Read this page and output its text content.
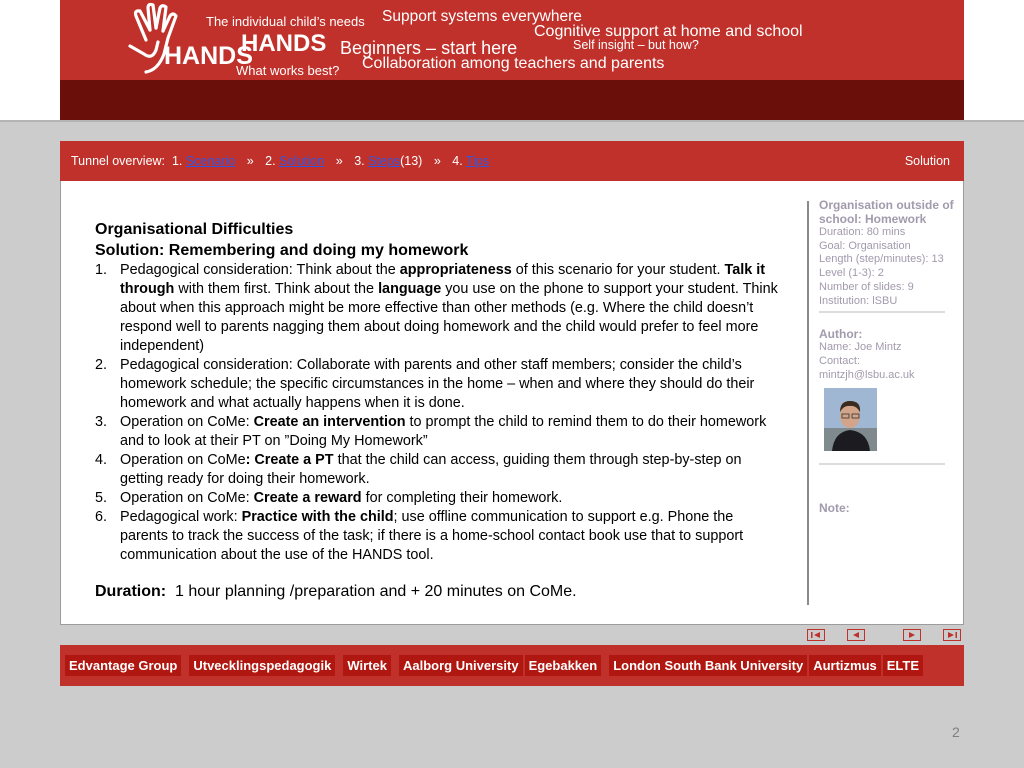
HANDS
The individual child’s needs Support systems everywhere
Cognitive support at home and school
HANDS Beginners – start here	Self insight – but how?
What works best? Collaboration among teachers and parents
Tunnel overview: 1. Scenario » 2. Solution » 3. Steps(13) » 4. Tips	Solution
Organisational Difficulties
Solution: Remembering and doing my homework
1. Pedagogical consideration: Think about the appropriateness of this scenario for your student. Talk it through with them first. Think about the language you use on the phone to support your student. Think about when this approach might be more effective than other methods (e.g. Where the child doesn’t respond well to parents nagging them about doing homework and the child would prefer to feel more independent)
2. Pedagogical consideration: Collaborate with parents and other staff members; consider the child’s homework schedule; the specific circumstances in the home – when and where they should do their homework and what actually happens when it is done.
3. Operation on CoMe: Create an intervention to prompt the child to remind them to do their homework and to look at their PT on ”Doing My Homework”
4. Operation on CoMe: Create a PT that the child can access, guiding them through step-by-step on getting ready for doing their homework.
5. Operation on CoMe: Create a reward for completing their homework.
6. Pedagogical work: Practice with the child; use offline communication to support e.g. Phone the parents to track the success of the task; if there is a home-school contact book use that to support communication about the use of the HANDS tool.
Duration: 1 hour planning /preparation and + 20 minutes on CoMe.
Organisation outside of school: Homework
Duration: 80 mins
Goal: Organisation
Length (step/minutes): 13
Level (1-3): 2
Number of slides: 9
Institution: lSBU
Author:
Name: Joe Mintz
Contact:
mintzjh@lsbu.ac.uk
Note:
Edvantage Group	Utvecklingspedagogik	Wirtek	Aalborg University Egebakken	London South Bank University Aurtizmus ELTE
2
